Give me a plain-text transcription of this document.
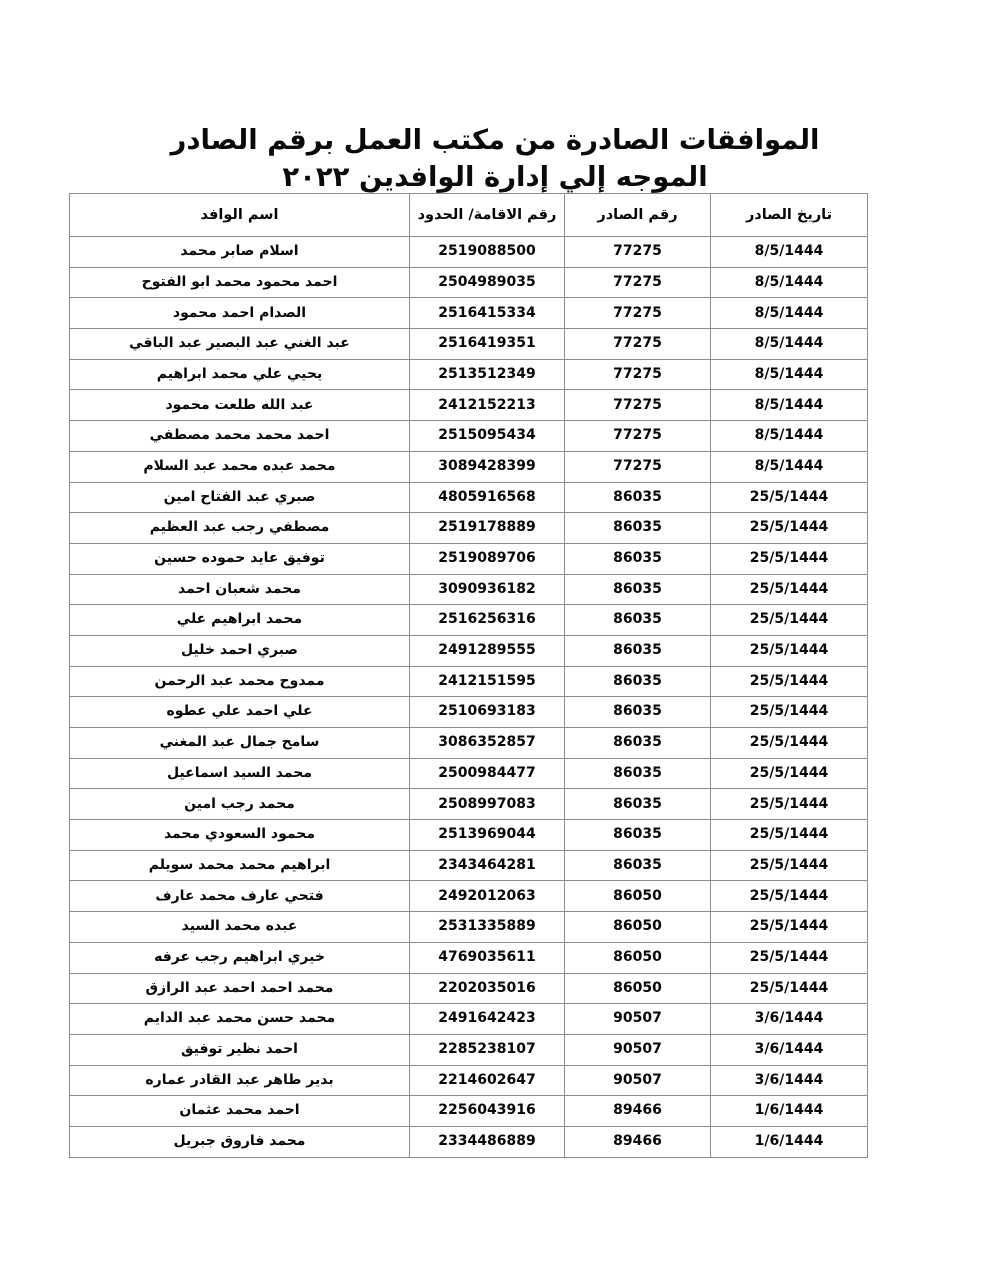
الموافقات الصادرة من مكتب العمل برقم الصادر الموجه إلي إدارة الوافدين ٢٠٢٢
تاريخ الصادر	رقم الصادر	رقم الاقامة/ الحدود	اسم الوافد
8/5/1444	77275	2519088500	اسلام صابر محمد
8/5/1444	77275	2504989035	احمد محمود محمد ابو الفتوح
8/5/1444	77275	2516415334	الصدام احمد محمود
8/5/1444	77275	2516419351	عبد الغني عبد البصير عبد الباقي
8/5/1444	77275	2513512349	يحيي علي محمد ابراهيم
8/5/1444	77275	2412152213	عبد الله طلعت محمود
8/5/1444	77275	2515095434	احمد محمد محمد مصطفي
8/5/1444	77275	3089428399	محمد عبده محمد عبد السلام
25/5/1444	86035	4805916568	صبري عبد الفتاح امين
25/5/1444	86035	2519178889	مصطفي رجب عبد العظيم
25/5/1444	86035	2519089706	توفيق عايد حموده حسين
25/5/1444	86035	3090936182	محمد شعبان احمد
25/5/1444	86035	2516256316	محمد ابراهيم علي
25/5/1444	86035	2491289555	صبري احمد خليل
25/5/1444	86035	2412151595	ممدوح محمد عبد الرحمن
25/5/1444	86035	2510693183	علي احمد علي عطوه
25/5/1444	86035	3086352857	سامح جمال عبد المغني
25/5/1444	86035	2500984477	محمد السيد اسماعيل
25/5/1444	86035	2508997083	محمد رجب امين
25/5/1444	86035	2513969044	محمود السعودي محمد
25/5/1444	86035	2343464281	ابراهيم محمد محمد سويلم
25/5/1444	86050	2492012063	فتحي عارف محمد عارف
25/5/1444	86050	2531335889	عبده محمد السيد
25/5/1444	86050	4769035611	خيري ابراهيم رجب عرفه
25/5/1444	86050	2202035016	محمد احمد احمد عبد الرازق
3/6/1444	90507	2491642423	محمد حسن محمد عبد الدايم
3/6/1444	90507	2285238107	احمد نظير توفيق
3/6/1444	90507	2214602647	بدير طاهر عبد القادر عماره
1/6/1444	89466	2256043916	احمد محمد عثمان
1/6/1444	89466	2334486889	محمد فاروق جبريل
